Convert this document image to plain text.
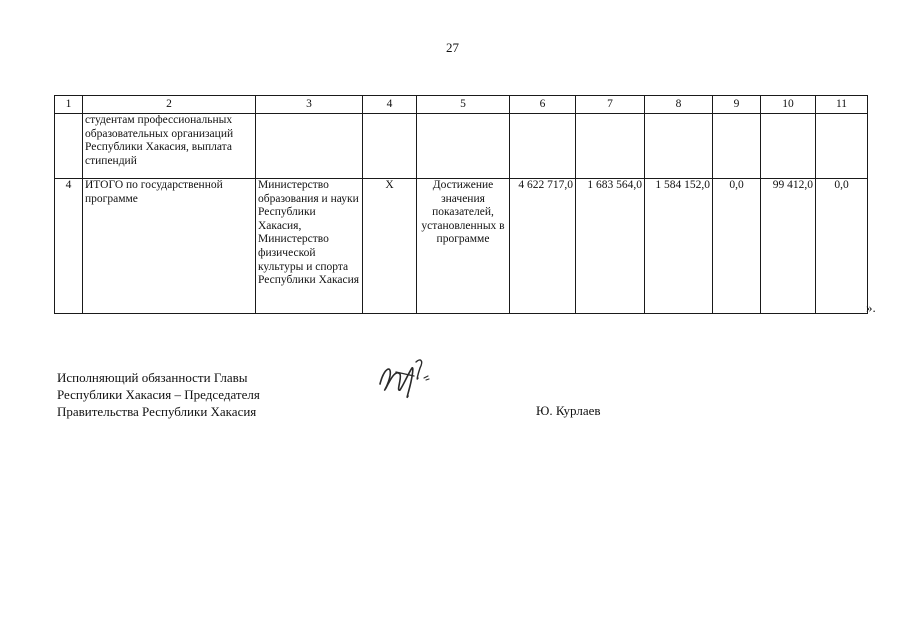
27
1	2	3	4	5	6	7	8	9	10	11
	студентам профессиональных образовательных организаций Республики Хакасия, выплата стипендий									
4	ИТОГО по государственной программе	Министерство образования и науки Республики Хакасия, Министерство физической культуры и спорта Республики Хакасия	X	Достижение значения показателей, установленных в программе	4 622 717,0	1 683 564,0	1 584 152,0	0,0	99 412,0	0,0
».
Исполняющий обязанности Главы
Республики Хакасия – Председателя
Правительства Республики Хакасия	Ю. Курлаев
